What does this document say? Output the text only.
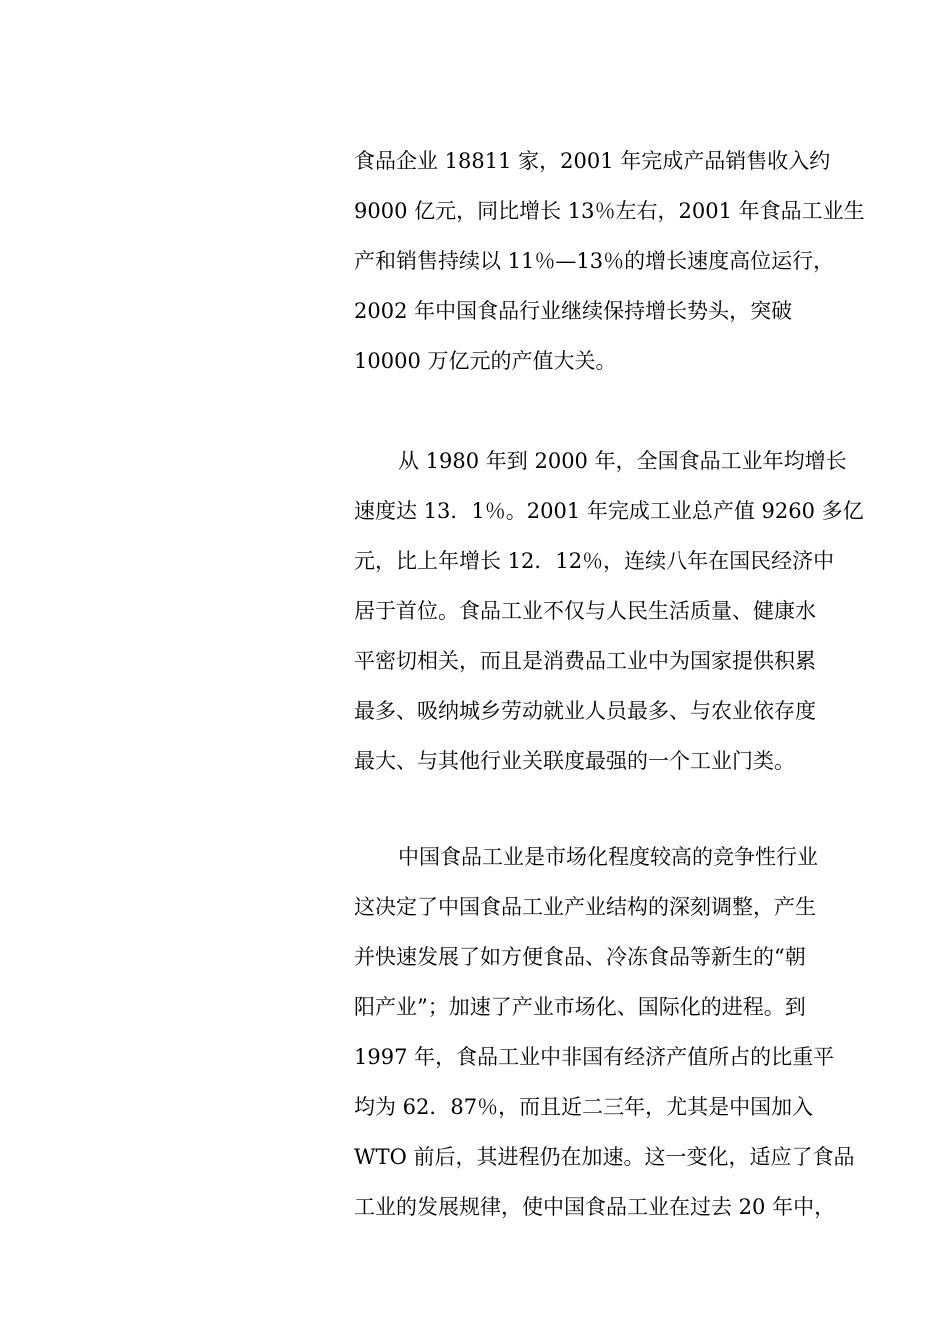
食品企业 18811 家，2001 年完成产品销售收入约
9000 亿元，同比增长 13％左右，2001 年食品工业生
产和销售持续以 11％—13％的增长速度高位运行，
2002 年中国食品行业继续保持增长势头，突破
10000 万亿元的产值大关。
从 1980 年到 2000 年，全国食品工业年均增长
速度达 13．1％。2001 年完成工业总产值 9260 多亿
元，比上年增长 12．12％，连续八年在国民经济中
居于首位。食品工业不仅与人民生活质量、健康水
平密切相关，而且是消费品工业中为国家提供积累
最多、吸纳城乡劳动就业人员最多、与农业依存度
最大、与其他行业关联度最强的一个工业门类。
中国食品工业是市场化程度较高的竞争性行业
这决定了中国食品工业产业结构的深刻调整，产生
并快速发展了如方便食品、冷冻食品等新生的“朝
阳产业”；加速了产业市场化、国际化的进程。到
1997 年，食品工业中非国有经济产值所占的比重平
均为 62．87％，而且近二三年，尤其是中国加入
WTO 前后，其进程仍在加速。这一变化，适应了食品
工业的发展规律，使中国食品工业在过去 20 年中，
